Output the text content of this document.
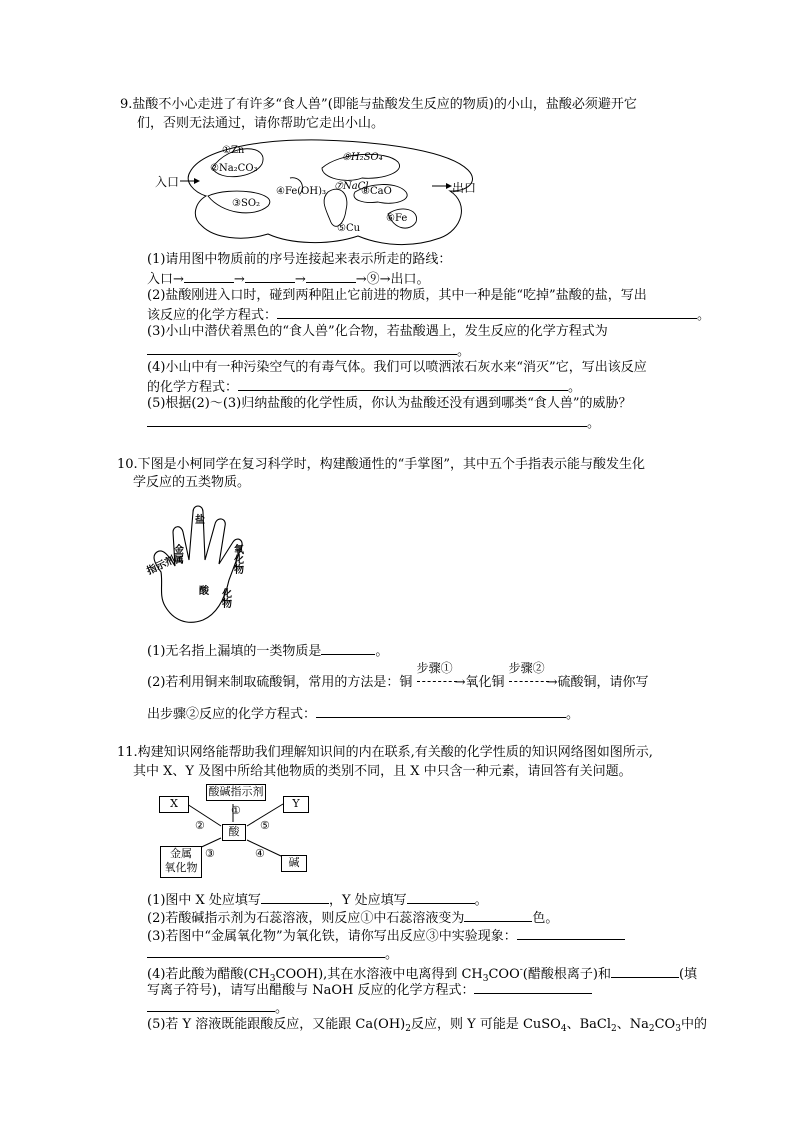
9.盐酸不小心走进了有许多“食人兽”(即能与盐酸发生反应的物质)的小山，盐酸必须避开它
们，否则无法通过，请你帮助它走出小山。
入口	出口
①Zn
②Na₂CO₃
③SO₂
④Fe(OH)₃
⑤Cu
⑥Fe
⑦NaCl
⑧CaO
⑨H₂SO₄
(1)请用图中物质前的序号连接起来表示所走的路线：
入口→	→	→	→⑨→出口。
(2)盐酸刚进入口时，碰到两种阻止它前进的物质，其中一种是能“吃掉”盐酸的盐，写出
该反应的化学方程式：	。
(3)小山中潜伏着黑色的“食人兽”化合物，若盐酸遇上，发生反应的化学方程式为
。
(4)小山中有一种污染空气的有毒气体。我们可以喷洒浓石灰水来“消灭”它，写出该反应
的化学方程式：	。
(5)根据(2)～(3)归纳盐酸的化学性质，你认为盐酸还没有遇到哪类“食人兽”的威胁？
。
10.下图是小柯同学在复习科学时，构建酸通性的“手掌图”，其中五个手指表示能与酸发生化
学反应的五类物质。
指示剂
金属
盐
氧化物
酸 化物
(1)无名指上漏填的一类物质是	。
(2)若利用铜来制取硫酸铜，常用的方法是：铜
步骤①
→氧化铜
步骤②
→硫酸铜，请你写
出步骤②反应的化学方程式：	。
11.构建知识网络能帮助我们理解知识间的内在联系,有关酸的化学性质的知识网络图如图所示,
其中 X、Y 及图中所给其他物质的类别不同，且 X 中只含一种元素，请回答有关问题。
X
酸碱指示剂
Y
酸
金属
氧化物	碱
①
②
③	④
⑤
(1)图中 X 处应填写	，Y 处应填写	。
(2)若酸碱指示剂为石蕊溶液，则反应①中石蕊溶液变为	色。
(3)若图中“金属氧化物”为氧化铁，请你写出反应③中实验现象：
。
(4)若此酸为醋酸$(CH_3COOH)$,其在水溶液中电离得到 $CH_3COO^-$(醋酸根离子)和	(填
写离子符号)，请写出醋酸与 NaOH 反应的化学方程式：
。
(5)若 Y 溶液既能跟酸反应，又能跟 $Ca(OH)_2$反应，则 Y 可能是 CuSO$_4$、BaCl$_2$、$Na_2CO_3$中的
